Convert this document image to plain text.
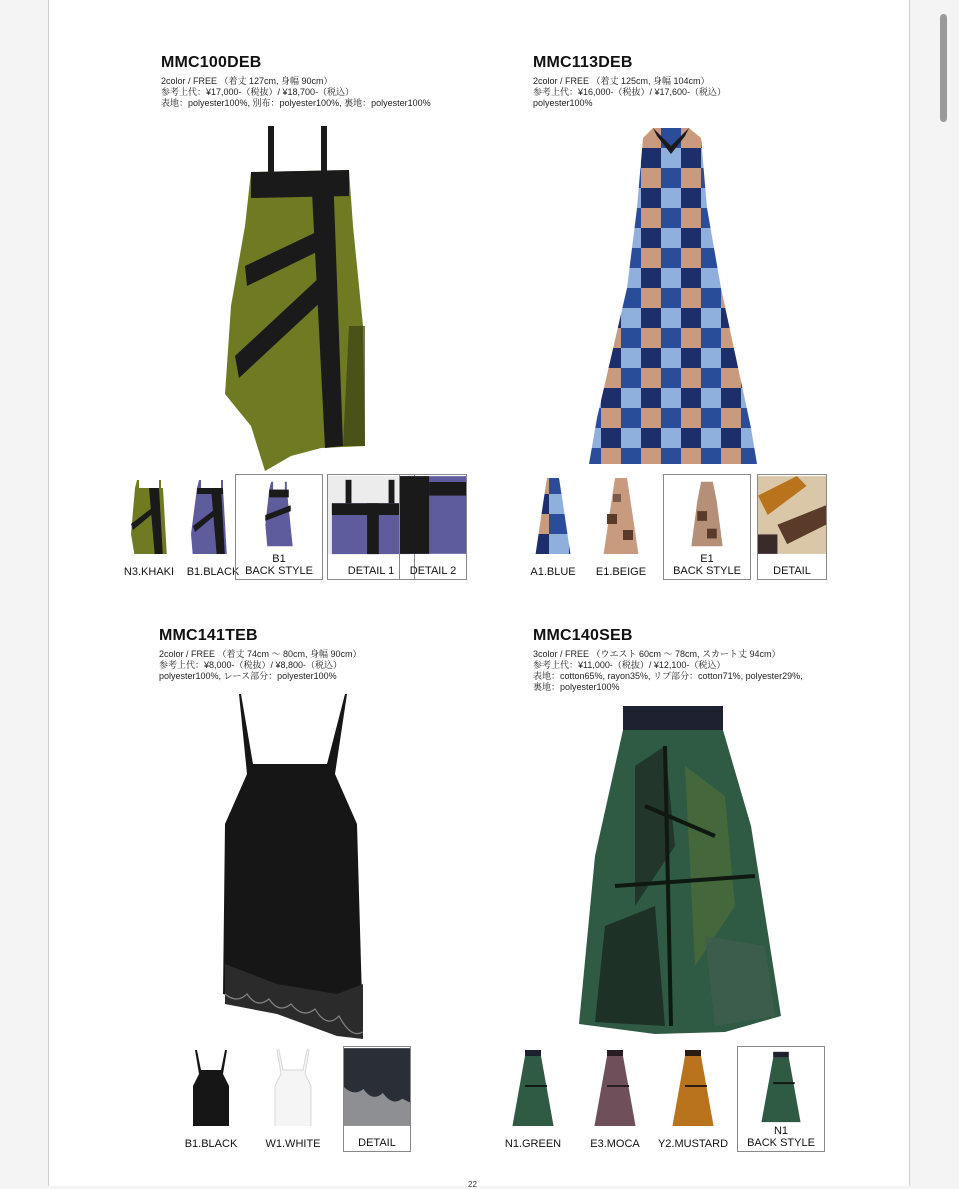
MMC100DEB
2color / FREE （着丈 127cm, 身幅 90cm）
参考上代：¥17,000-（税抜）/ ¥18,700-（税込）
表地：polyester100%, 別布：polyester100%, 裏地：polyester100%
N3.KHAKI	B1.BLACK
B1
BACK STYLE	DETAIL 1	DETAIL 2
MMC113DEB
2color / FREE （着丈 125cm, 身幅 104cm）
参考上代：¥16,000-（税抜）/ ¥17,600-（税込）
polyester100%
A1.BLUE	E1.BEIGE
E1
BACK STYLE	DETAIL
MMC141TEB
2color / FREE （着丈 74cm 〜 80cm, 身幅 90cm）
参考上代：¥8,000-（税抜）/ ¥8,800-（税込）
polyester100%, レース部分：polyester100%
B1.BLACK	W1.WHITE	DETAIL
MMC140SEB
3color / FREE （ウエスト 60cm 〜 78cm, スカート丈 94cm）
参考上代：¥11,000-（税抜）/ ¥12,100-（税込）
表地：cotton65%, rayon35%, リブ部分：cotton71%, polyester29%,
裏地：polyester100%
N1.GREEN	E3.MOCA	Y2.MUSTARD
N1
BACK STYLE
22
